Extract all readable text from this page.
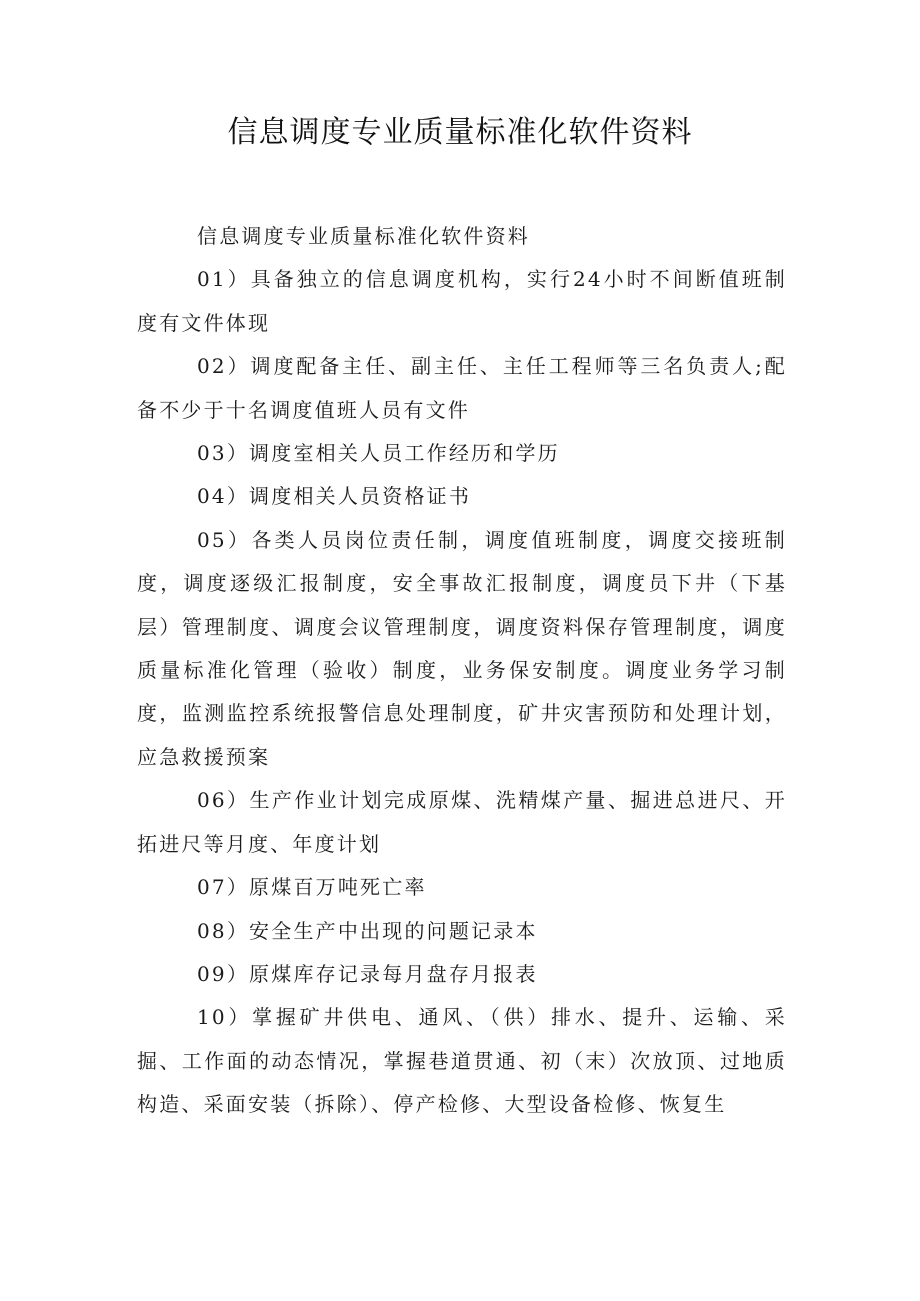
信息调度专业质量标准化软件资料

信息调度专业质量标准化软件资料

01）具备独立的信息调度机构，实行24小时不间断值班制度有文件体现

02）调度配备主任、副主任、主任工程师等三名负责人;配备不少于十名调度值班人员有文件

03）调度室相关人员工作经历和学历

04）调度相关人员资格证书

05）各类人员岗位责任制，调度值班制度，调度交接班制度，调度逐级汇报制度，安全事故汇报制度，调度员下井（下基层）管理制度、调度会议管理制度，调度资料保存管理制度，调度质量标准化管理（验收）制度，业务保安制度。调度业务学习制度，监测监控系统报警信息处理制度，矿井灾害预防和处理计划，应急救援预案

06）生产作业计划完成原煤、洗精煤产量、掘进总进尺、开拓进尺等月度、年度计划

07）原煤百万吨死亡率

08）安全生产中出现的问题记录本

09）原煤库存记录每月盘存月报表

10）掌握矿井供电、通风、（供）排水、提升、运输、采掘、工作面的动态情况，掌握巷道贯通、初（末）次放顶、过地质构造、采面安装（拆除）、停产检修、大型设备检修、恢复生
